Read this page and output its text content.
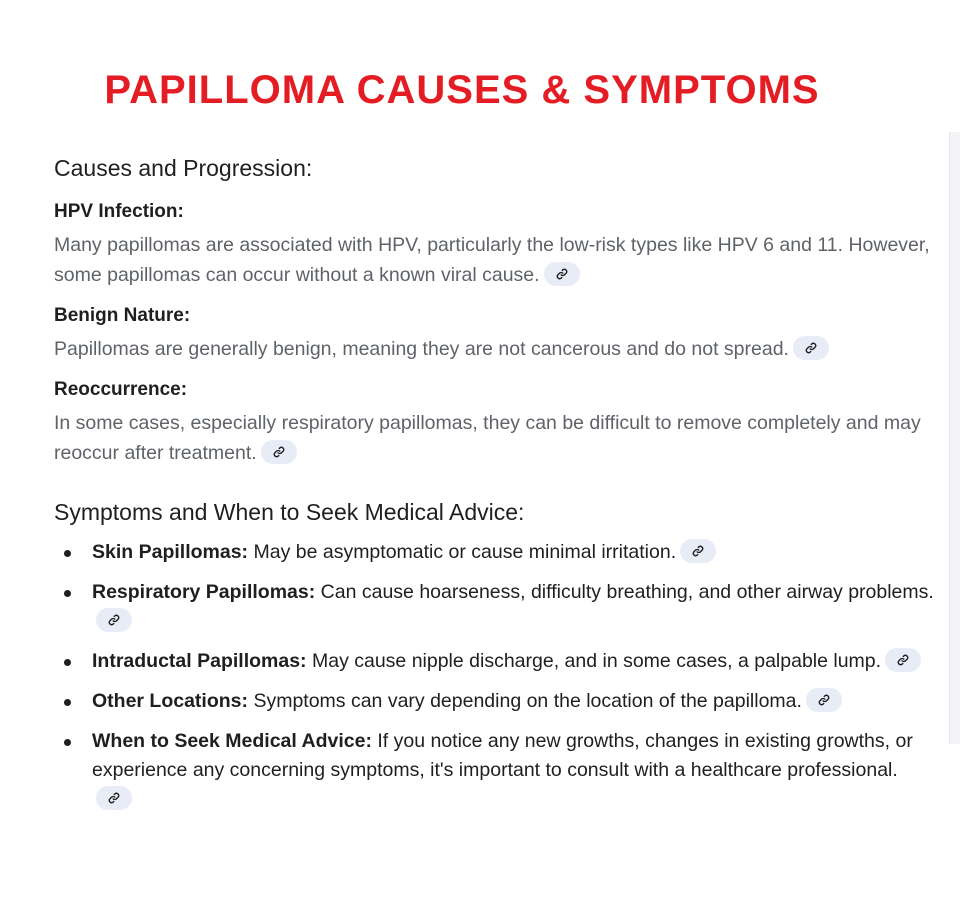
PAPILLOMA CAUSES & SYMPTOMS
Causes and Progression:

HPV Infection:

Many papillomas are associated with HPV, particularly the low-risk types like HPV 6 and 11. However, some papillomas can occur without a known viral cause.

Benign Nature:

Papillomas are generally benign, meaning they are not cancerous and do not spread.

Reoccurrence:

In some cases, especially respiratory papillomas, they can be difficult to remove completely and may reoccur after treatment.

Symptoms and When to Seek Medical Advice:
Skin Papillomas: May be asymptomatic or cause minimal irritation.
Respiratory Papillomas: Can cause hoarseness, difficulty breathing, and other airway problems.
Intraductal Papillomas: May cause nipple discharge, and in some cases, a palpable lump.
Other Locations: Symptoms can vary depending on the location of the papilloma.
When to Seek Medical Advice: If you notice any new growths, changes in existing growths, or experience any concerning symptoms, it's important to consult with a healthcare professional.
